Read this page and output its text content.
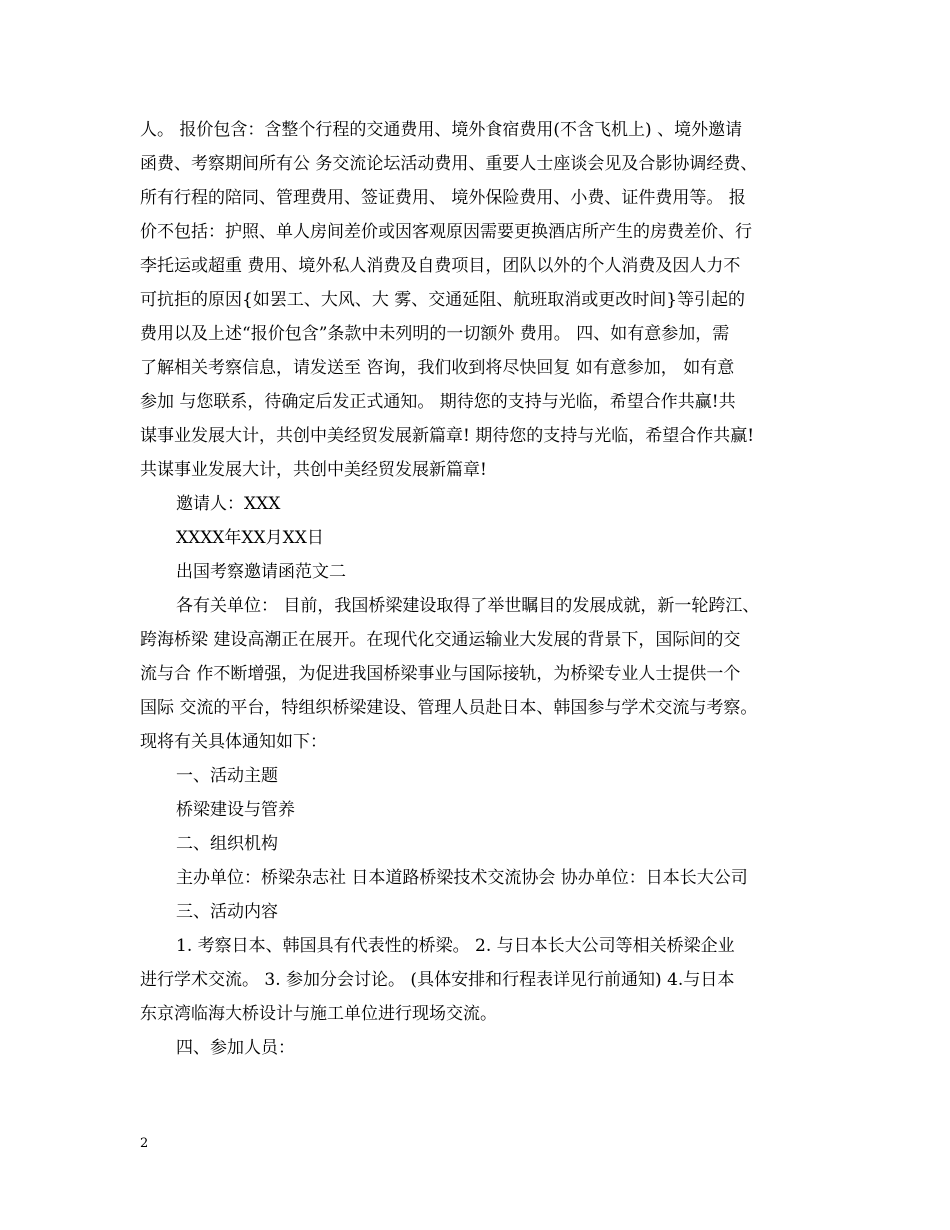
人。 报价包含：含整个行程的交通费用、境外食宿费用(不含飞机上) 、境外邀请
函费、考察期间所有公 务交流论坛活动费用、重要人士座谈会见及合影协调经费、
所有行程的陪同、管理费用、签证费用、 境外保险费用、小费、证件费用等。 报
价不包括：护照、单人房间差价或因客观原因需要更换酒店所产生的房费差价、行
李托运或超重 费用、境外私人消费及自费项目，团队以外的个人消费及因人力不
可抗拒的原因{如罢工、大风、大 雾、交通延阻、航班取消或更改时间}等引起的
费用以及上述“报价包含”条款中未列明的一切额外 费用。 四、如有意参加，需
了解相关考察信息，请发送至 咨询，我们收到将尽快回复 如有意参加， 如有意
参加 与您联系，待确定后发正式通知。 期待您的支持与光临，希望合作共赢!共
谋事业发展大计，共创中美经贸发展新篇章! 期待您的支持与光临，希望合作共赢!
共谋事业发展大计，共创中美经贸发展新篇章!
邀请人：XXX
XXXX年XX月XX日
出国考察邀请函范文二
各有关单位： 目前，我国桥梁建设取得了举世瞩目的发展成就，新一轮跨江、
跨海桥梁 建设高潮正在展开。在现代化交通运输业大发展的背景下，国际间的交
流与合 作不断增强，为促进我国桥梁事业与国际接轨，为桥梁专业人士提供一个
国际 交流的平台，特组织桥梁建设、管理人员赴日本、韩国参与学术交流与考察。
现将有关具体通知如下：
一、活动主题
桥梁建设与管养
二、组织机构
主办单位：桥梁杂志社 日本道路桥梁技术交流协会 协办单位：日本长大公司
三、活动内容
1. 考察日本、韩国具有代表性的桥梁。 2. 与日本长大公司等相关桥梁企业
进行学术交流。 3. 参加分会讨论。 (具体安排和行程表详见行前通知) 4.与日本
东京湾临海大桥设计与施工单位进行现场交流。
四、参加人员：
2
